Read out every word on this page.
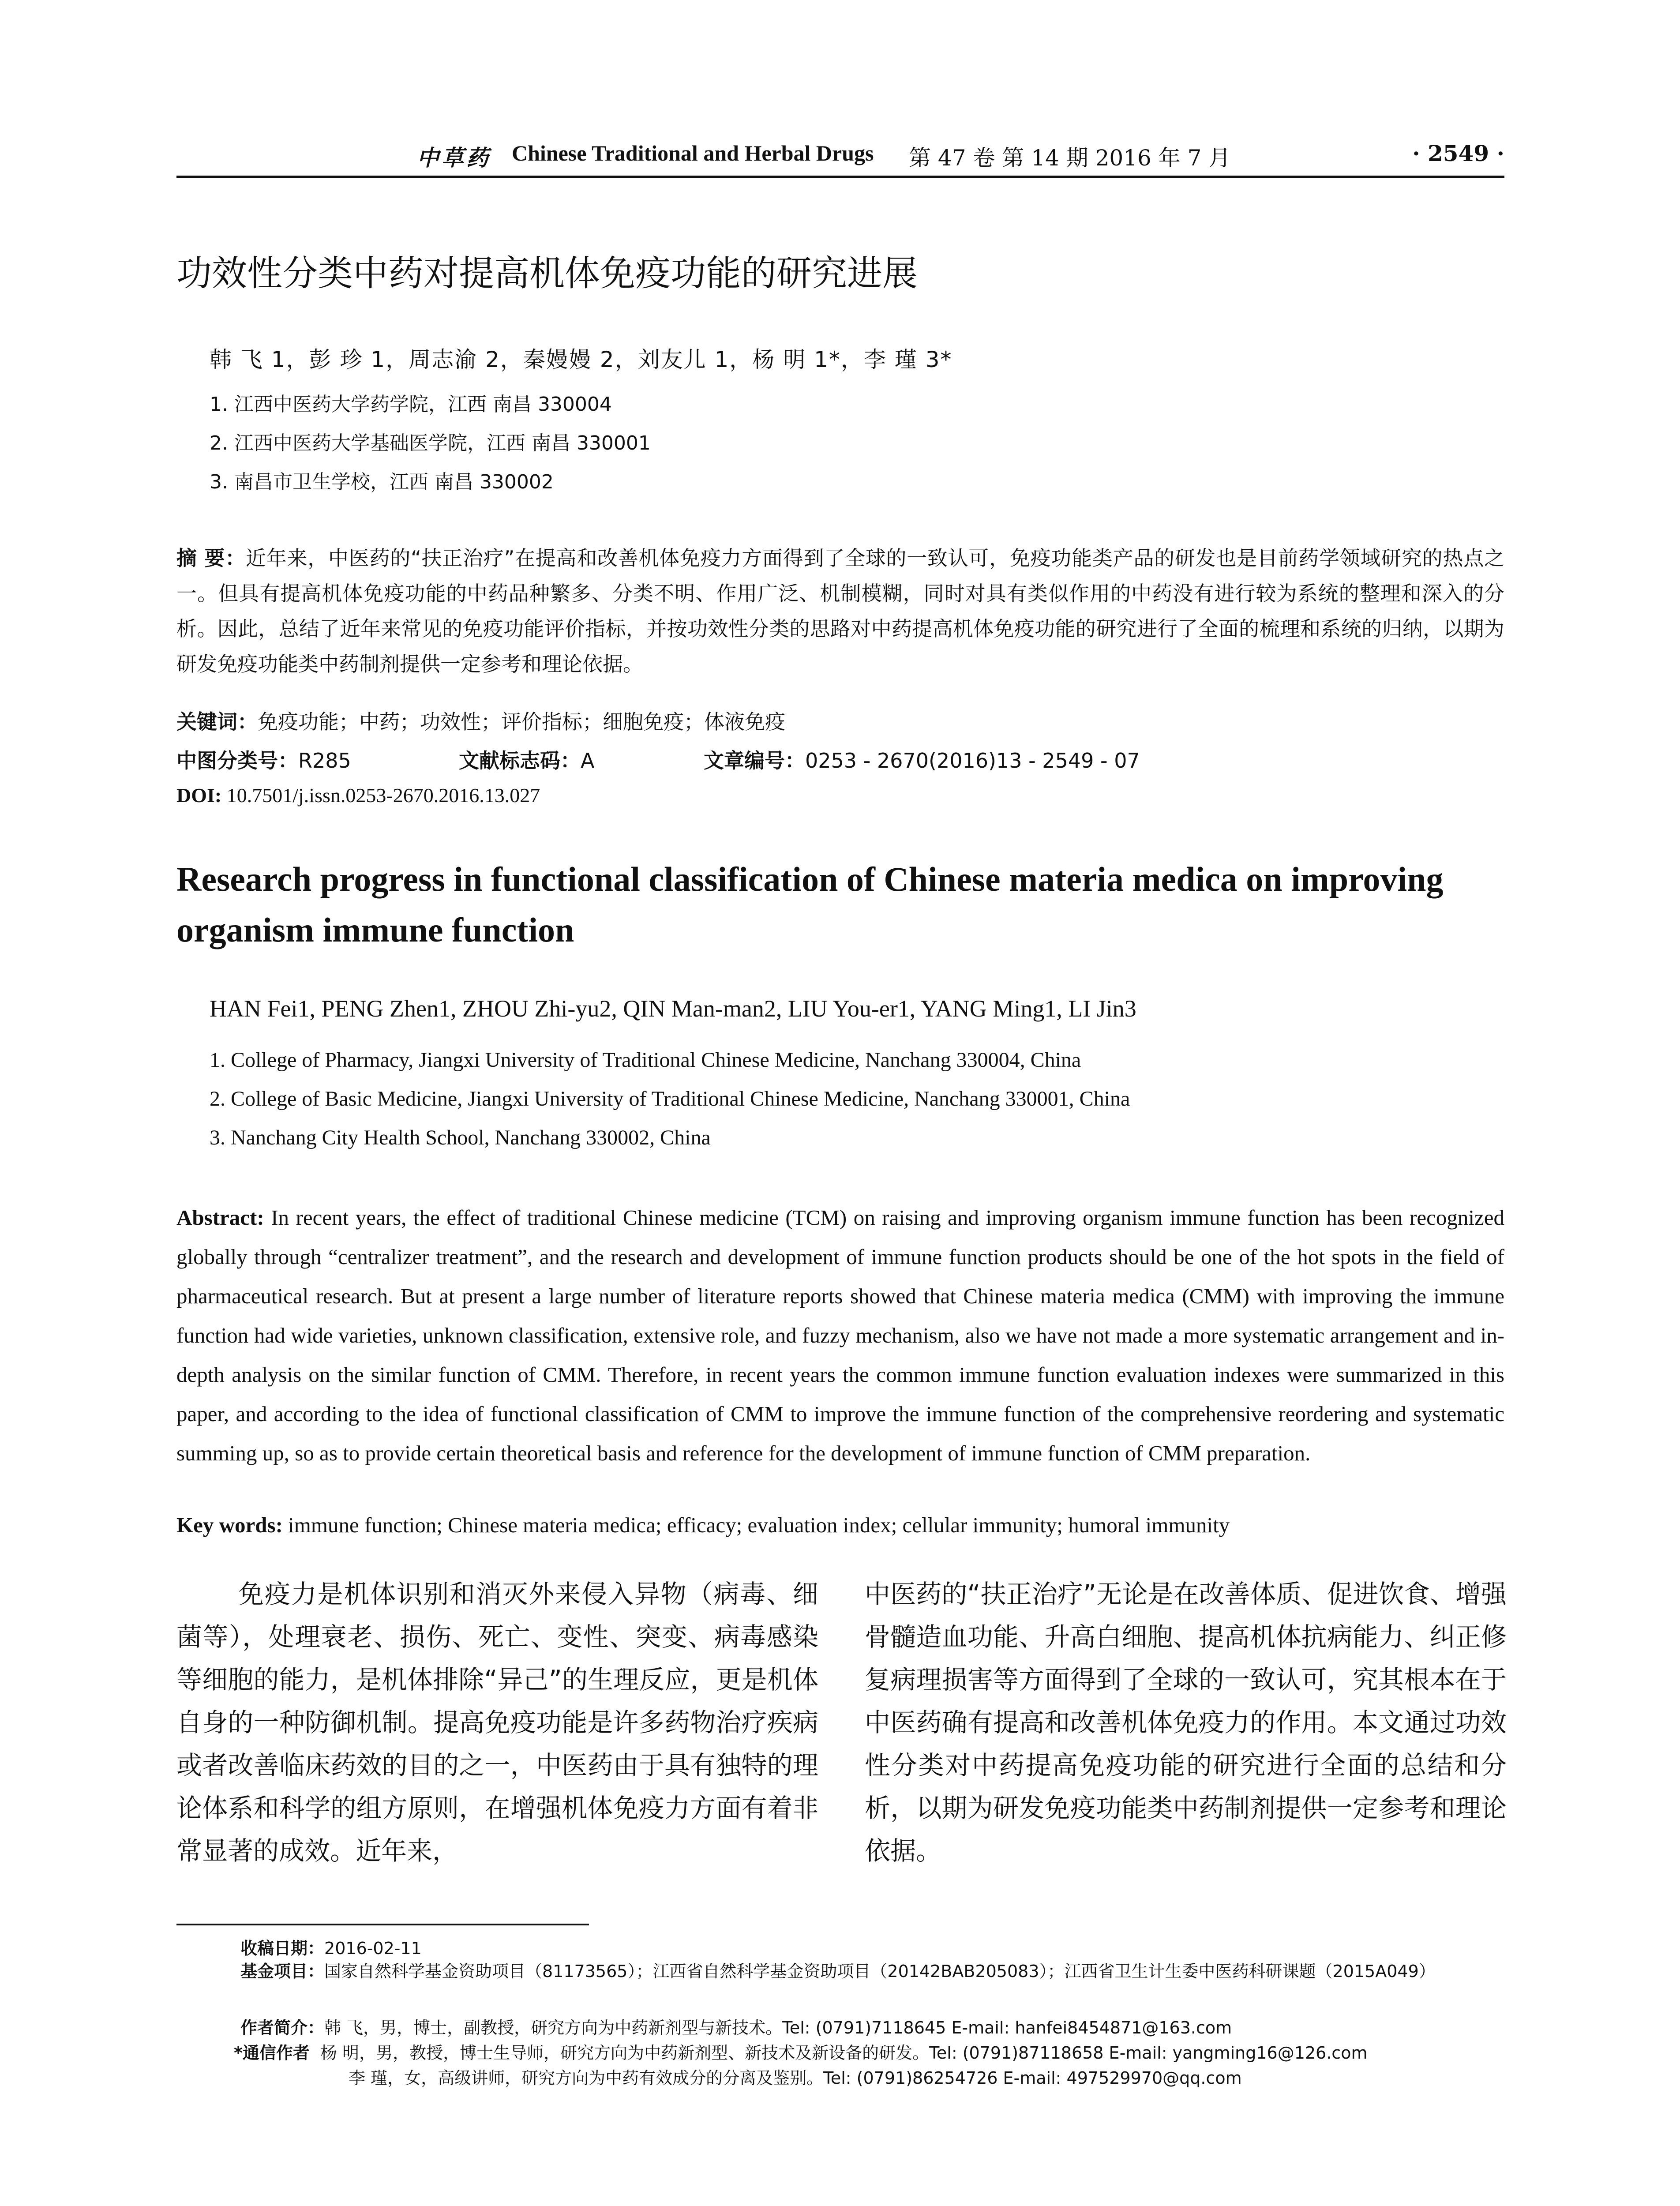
中草药 Chinese Traditional and Herbal Drugs 第 47 卷 第 14 期 2016 年 7 月	· 2549 ·
功效性分类中药对提高机体免疫功能的研究进展
韩 飞 1，彭 珍 1，周志渝 2，秦嫚嫚 2，刘友儿 1，杨 明 1*，李 瑾 3*
1. 江西中医药大学药学院，江西 南昌 330004
2. 江西中医药大学基础医学院，江西 南昌 330001
3. 南昌市卫生学校，江西 南昌 330002
摘 要：近年来，中医药的“扶正治疗”在提高和改善机体免疫力方面得到了全球的一致认可，免疫功能类产品的研发也是目前药学领域研究的热点之一。但具有提高机体免疫功能的中药品种繁多、分类不明、作用广泛、机制模糊，同时对具有类似作用的中药没有进行较为系统的整理和深入的分析。因此，总结了近年来常见的免疫功能评价指标，并按功效性分类的思路对中药提高机体免疫功能的研究进行了全面的梳理和系统的归纳，以期为研发免疫功能类中药制剂提供一定参考和理论依据。
关键词：免疫功能；中药；功效性；评价指标；细胞免疫；体液免疫
中图分类号：R285	文献标志码：A	文章编号：0253 - 2670(2016)13 - 2549 - 07
DOI: 10.7501/j.issn.0253-2670.2016.13.027
Research progress in functional classification of Chinese materia medica on improving organism immune function
HAN Fei1, PENG Zhen1, ZHOU Zhi-yu2, QIN Man-man2, LIU You-er1, YANG Ming1, LI Jin3
1. College of Pharmacy, Jiangxi University of Traditional Chinese Medicine, Nanchang 330004, China
2. College of Basic Medicine, Jiangxi University of Traditional Chinese Medicine, Nanchang 330001, China
3. Nanchang City Health School, Nanchang 330002, China
Abstract: In recent years, the effect of traditional Chinese medicine (TCM) on raising and improving organism immune function has been recognized globally through “centralizer treatment”, and the research and development of immune function products should be one of the hot spots in the field of pharmaceutical research. But at present a large number of literature reports showed that Chinese materia medica (CMM) with improving the immune function had wide varieties, unknown classification, extensive role, and fuzzy mechanism, also we have not made a more systematic arrangement and in-depth analysis on the similar function of CMM. Therefore, in recent years the common immune function evaluation indexes were summarized in this paper, and according to the idea of functional classification of CMM to improve the immune function of the comprehensive reordering and systematic summing up, so as to provide certain theoretical basis and reference for the development of immune function of CMM preparation.
Key words: immune function; Chinese materia medica; efficacy; evaluation index; cellular immunity; humoral immunity
免疫力是机体识别和消灭外来侵入异物（病毒、细菌等），处理衰老、损伤、死亡、变性、突变、病毒感染等细胞的能力，是机体排除“异己”的生理反应，更是机体自身的一种防御机制。提高免疫功能是许多药物治疗疾病或者改善临床药效的目的之一，中医药由于具有独特的理论体系和科学的组方原则，在增强机体免疫力方面有着非常显著的成效。近年来，
中医药的“扶正治疗”无论是在改善体质、促进饮食、增强骨髓造血功能、升高白细胞、提高机体抗病能力、纠正修复病理损害等方面得到了全球的一致认可，究其根本在于中医药确有提高和改善机体免疫力的作用。本文通过功效性分类对中药提高免疫功能的研究进行全面的总结和分析，以期为研发免疫功能类中药制剂提供一定参考和理论依据。
收稿日期：2016-02-11
基金项目：国家自然科学基金资助项目（81173565）；江西省自然科学基金资助项目（20142BAB205083）；江西省卫生计生委中医药科研课题（2015A049）
作者简介：韩 飞，男，博士，副教授，研究方向为中药新剂型与新技术。Tel: (0791)7118645 E-mail: hanfei8454871@163.com
*通信作者 杨 明，男，教授，博士生导师，研究方向为中药新剂型、新技术及新设备的研发。Tel: (0791)87118658 E-mail: yangming16@126.com
李 瑾，女，高级讲师，研究方向为中药有效成分的分离及鉴别。Tel: (0791)86254726 E-mail: 497529970@qq.com
